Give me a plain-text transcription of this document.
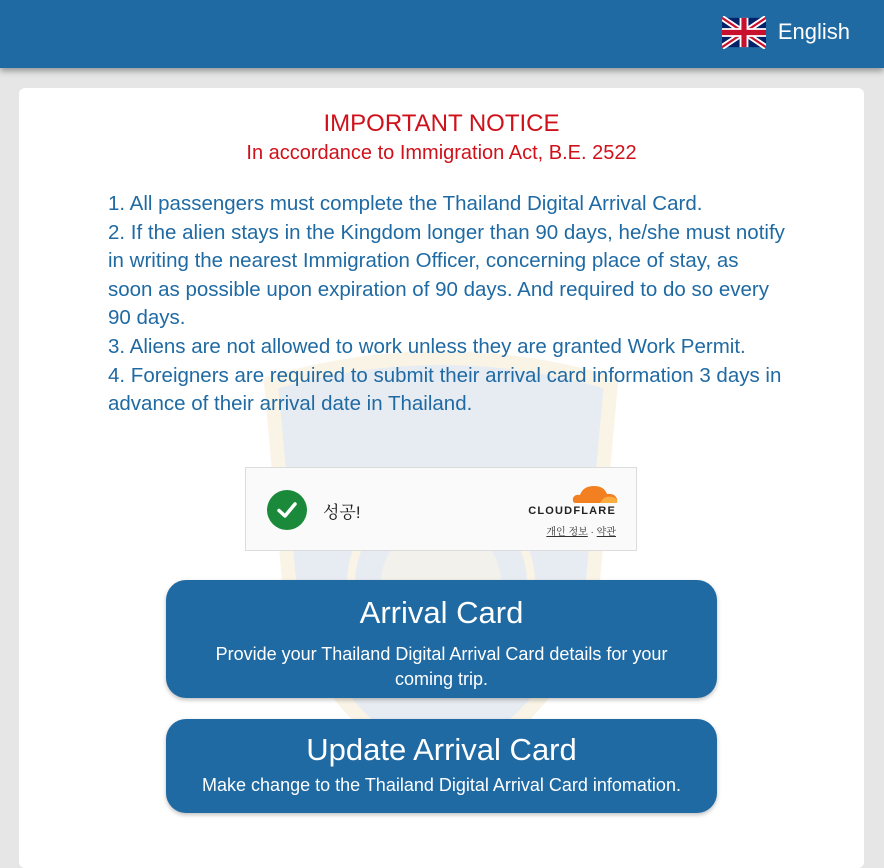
English
IMPORTANT NOTICE
In accordance to Immigration Act, B.E. 2522

1. All passengers must complete the Thailand Digital Arrival Card.

2. If the alien stays in the Kingdom longer than 90 days, he/she must notify in writing the nearest Immigration Officer, concerning place of stay, as soon as possible upon expiration of 90 days. And required to do so every 90 days.

3. Aliens are not allowed to work unless they are granted Work Permit.

4. Foreigners are required to submit their arrival card information 3 days in advance of their arrival date in Thailand.

성공!	CLOUDFLARE
개인 정보 · 약관
Arrival Card
Provide your Thailand Digital Arrival Card details for your coming trip.
Update Arrival Card
Make change to the Thailand Digital Arrival Card infomation.
